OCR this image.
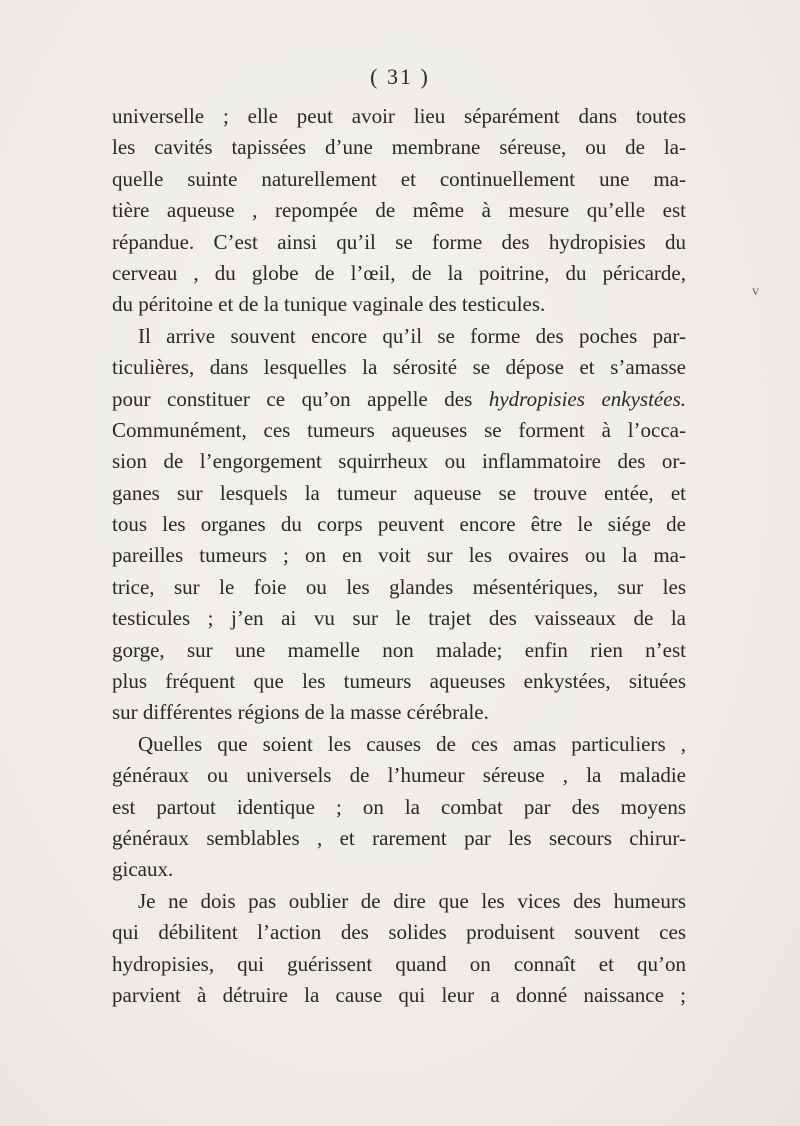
( 31 )
v
universelle ; elle peut avoir lieu séparément dans toutes
les cavités tapissées d’une membrane séreuse, ou de la-
quelle suinte naturellement et continuellement une ma-
tière aqueuse , repompée de même à mesure qu’elle est
répandue. C’est ainsi qu’il se forme des hydropisies du
cerveau , du globe de l’œil, de la poitrine, du péricarde,
du péritoine et de la tunique vaginale des testicules.
Il arrive souvent encore qu’il se forme des poches par-
ticulières, dans lesquelles la sérosité se dépose et s’amasse
pour constituer ce qu’on appelle des hydropisies enkystées.
Communément, ces tumeurs aqueuses se forment à l’occa-
sion de l’engorgement squirrheux ou inflammatoire des or-
ganes sur lesquels la tumeur aqueuse se trouve entée, et
tous les organes du corps peuvent encore être le siége de
pareilles tumeurs ; on en voit sur les ovaires ou la ma-
trice, sur le foie ou les glandes mésentériques, sur les
testicules ; j’en ai vu sur le trajet des vaisseaux de la
gorge, sur une mamelle non malade; enfin rien n’est
plus fréquent que les tumeurs aqueuses enkystées, situées
sur différentes régions de la masse cérébrale.
Quelles que soient les causes de ces amas particuliers ,
généraux ou universels de l’humeur séreuse , la maladie
est partout identique ; on la combat par des moyens
généraux semblables , et rarement par les secours chirur-
gicaux.
Je ne dois pas oublier de dire que les vices des humeurs
qui débilitent l’action des solides produisent souvent ces
hydropisies, qui guérissent quand on connaît et qu’on
parvient à détruire la cause qui leur a donné naissance ;
